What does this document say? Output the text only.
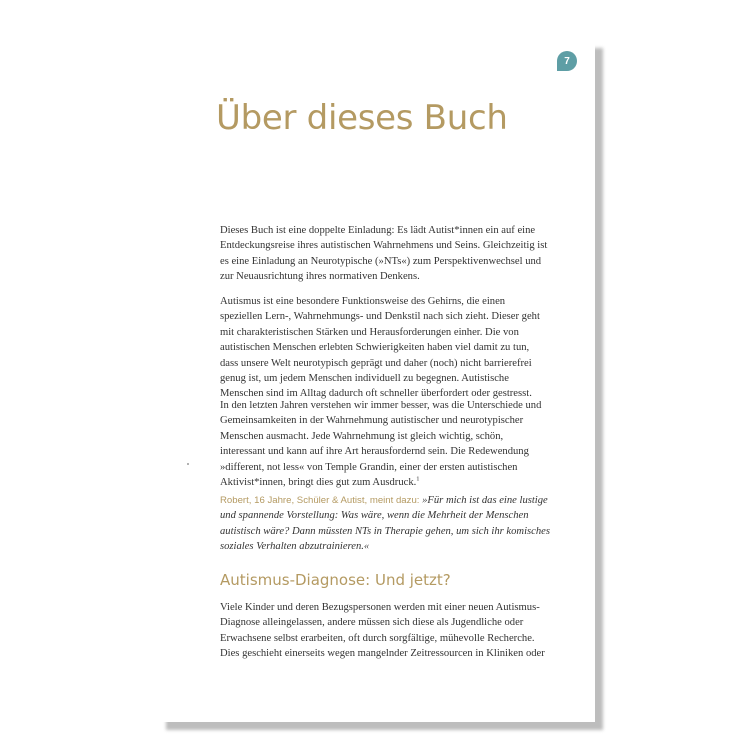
7
Über dieses Buch

Dieses Buch ist eine doppelte Einladung: Es lädt Autist*innen ein auf eine Entdeckungsreise ihres autistischen Wahrnehmens und Seins. Gleichzeitig ist es eine Einladung an Neurotypische (»NTs«) zum Perspektivenwechsel und zur Neuausrichtung ihres normativen Denkens.

Autismus ist eine besondere Funktionsweise des Gehirns, die einen speziellen Lern-, Wahrnehmungs- und Denkstil nach sich zieht. Dieser geht mit charakteristischen Stärken und Herausforderungen einher. Die von autistischen Menschen erlebten Schwierigkeiten haben viel damit zu tun, dass unsere Welt neurotypisch geprägt und daher (noch) nicht barrierefrei genug ist, um jedem Menschen individuell zu begegnen. Autistische Menschen sind im Alltag dadurch oft schneller überfordert oder gestresst.

In den letzten Jahren verstehen wir immer besser, was die Unterschiede und Gemeinsamkeiten in der Wahrnehmung autistischer und neurotypischer Menschen ausmacht. Jede Wahrnehmung ist gleich wichtig, schön, interessant und kann auf ihre Art herausfordernd sein. Die Redewendung »different, not less« von Temple Grandin, einer der ersten autistischen Aktivist*innen, bringt dies gut zum Ausdruck.$^1$

Robert, 16 Jahre, Schüler & Autist, meint dazu: »Für mich ist das eine lustige und spannende Vorstellung: Was wäre, wenn die Mehrheit der Menschen autistisch wäre? Dann müssten NTs in Therapie gehen, um sich ihr komisches soziales Verhalten abzutrainieren.«

Autismus-Diagnose: Und jetzt?

Viele Kinder und deren Bezugspersonen werden mit einer neuen Autismus-Diagnose alleingelassen, andere müssen sich diese als Jugendliche oder Erwachsene selbst erarbeiten, oft durch sorgfältige, mühevolle Recherche. Dies geschieht einerseits wegen mangelnder Zeitressourcen in Kliniken oder
